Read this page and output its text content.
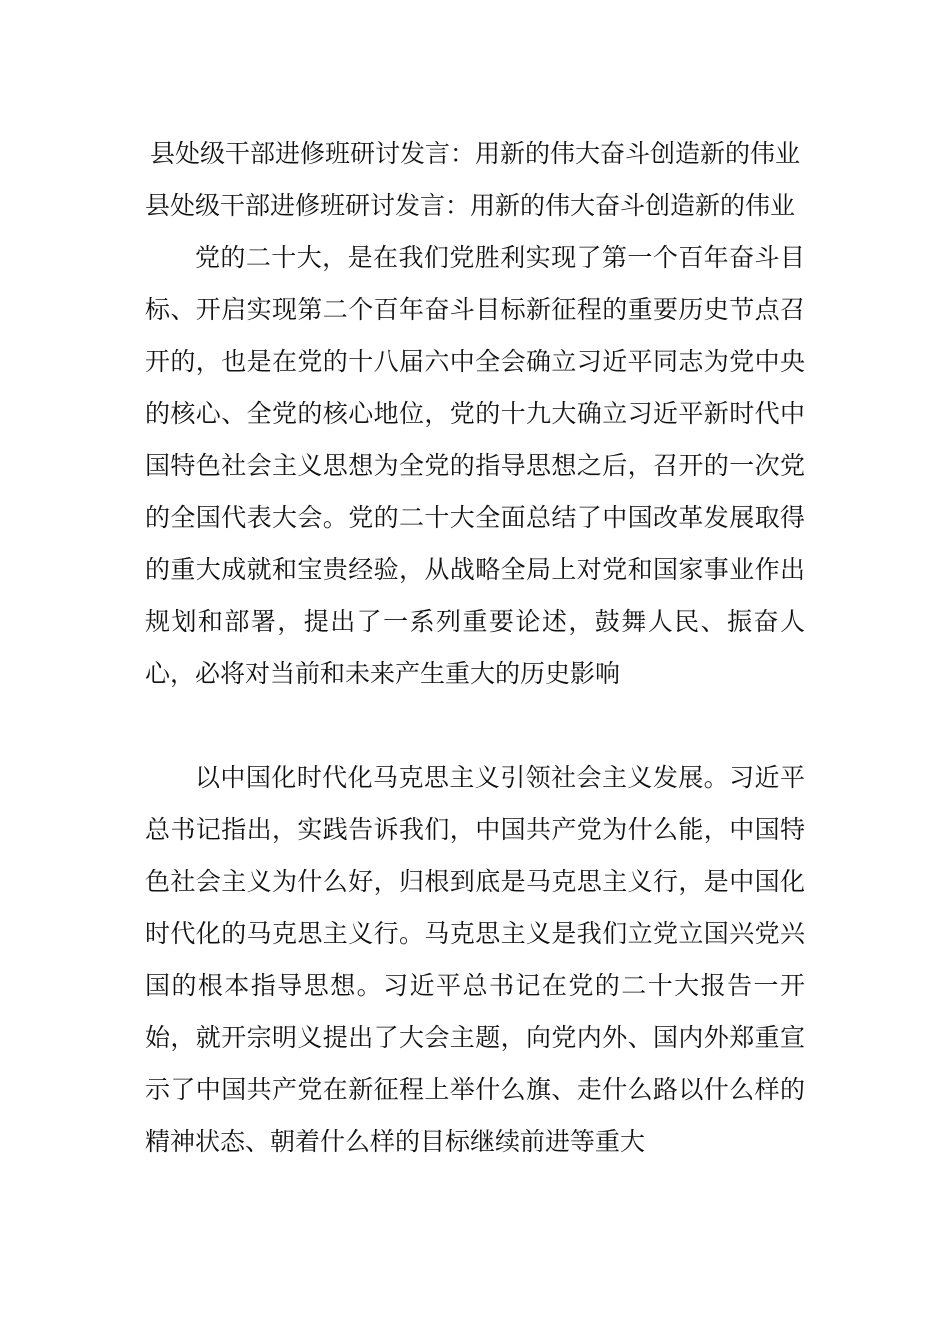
县处级干部进修班研讨发言：用新的伟大奋斗创造新的伟业
县处级干部进修班研讨发言：用新的伟大奋斗创造新的伟业

党的二十大，是在我们党胜利实现了第一个百年奋斗目标、开启实现第二个百年奋斗目标新征程的重要历史节点召开的，也是在党的十八届六中全会确立习近平同志为党中央的核心、全党的核心地位，党的十九大确立习近平新时代中国特色社会主义思想为全党的指导思想之后，召开的一次党的全国代表大会。党的二十大全面总结了中国改革发展取得的重大成就和宝贵经验，从战略全局上对党和国家事业作出规划和部署，提出了一系列重要论述，鼓舞人民、振奋人心，必将对当前和未来产生重大的历史影响

以中国化时代化马克思主义引领社会主义发展。习近平总书记指出，实践告诉我们，中国共产党为什么能，中国特色社会主义为什么好，归根到底是马克思主义行，是中国化时代化的马克思主义行。马克思主义是我们立党立国兴党兴国的根本指导思想。习近平总书记在党的二十大报告一开始，就开宗明义提出了大会主题，向党内外、国内外郑重宣示了中国共产党在新征程上举什么旗、走什么路以什么样的精神状态、朝着什么样的目标继续前进等重大
